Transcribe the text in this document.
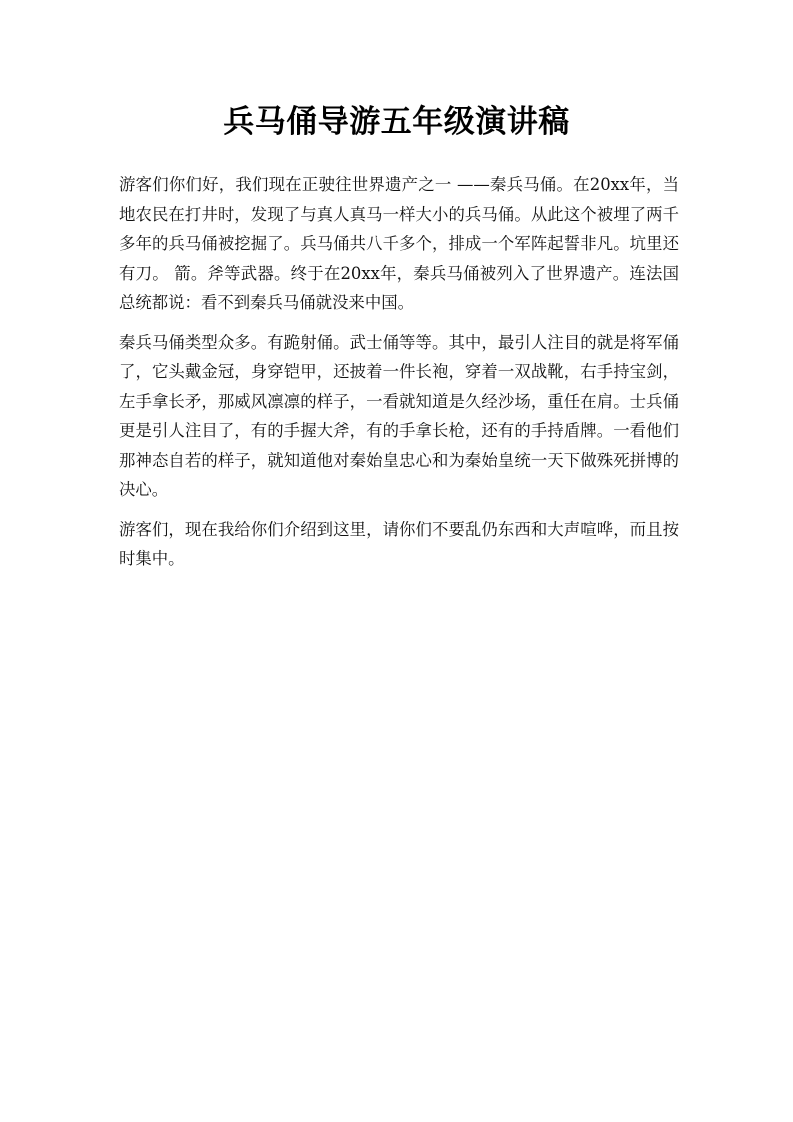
兵马俑导游五年级演讲稿

游客们你们好，我们现在正驶往世界遗产之一 ——秦兵马俑。在20xx年，当地农民在打井时，发现了与真人真马一样大小的兵马俑。从此这个被埋了两千多年的兵马俑被挖掘了。兵马俑共八千多个，排成一个军阵起誓非凡。坑里还有刀。 箭。斧等武器。终于在20xx年，秦兵马俑被列入了世界遗产。连法国总统都说：看不到秦兵马俑就没来中国。

秦兵马俑类型众多。有跪射俑。武士俑等等。其中，最引人注目的就是将军俑了，它头戴金冠，身穿铠甲，还披着一件长袍，穿着一双战靴，右手持宝剑，左手拿长矛，那威风凛凛的样子，一看就知道是久经沙场，重任在肩。士兵俑更是引人注目了，有的手握大斧，有的手拿长枪，还有的手持盾牌。一看他们那神态自若的样子，就知道他对秦始皇忠心和为秦始皇统一天下做殊死拼博的决心。

游客们，现在我给你们介绍到这里，请你们不要乱仍东西和大声喧哗，而且按时集中。
